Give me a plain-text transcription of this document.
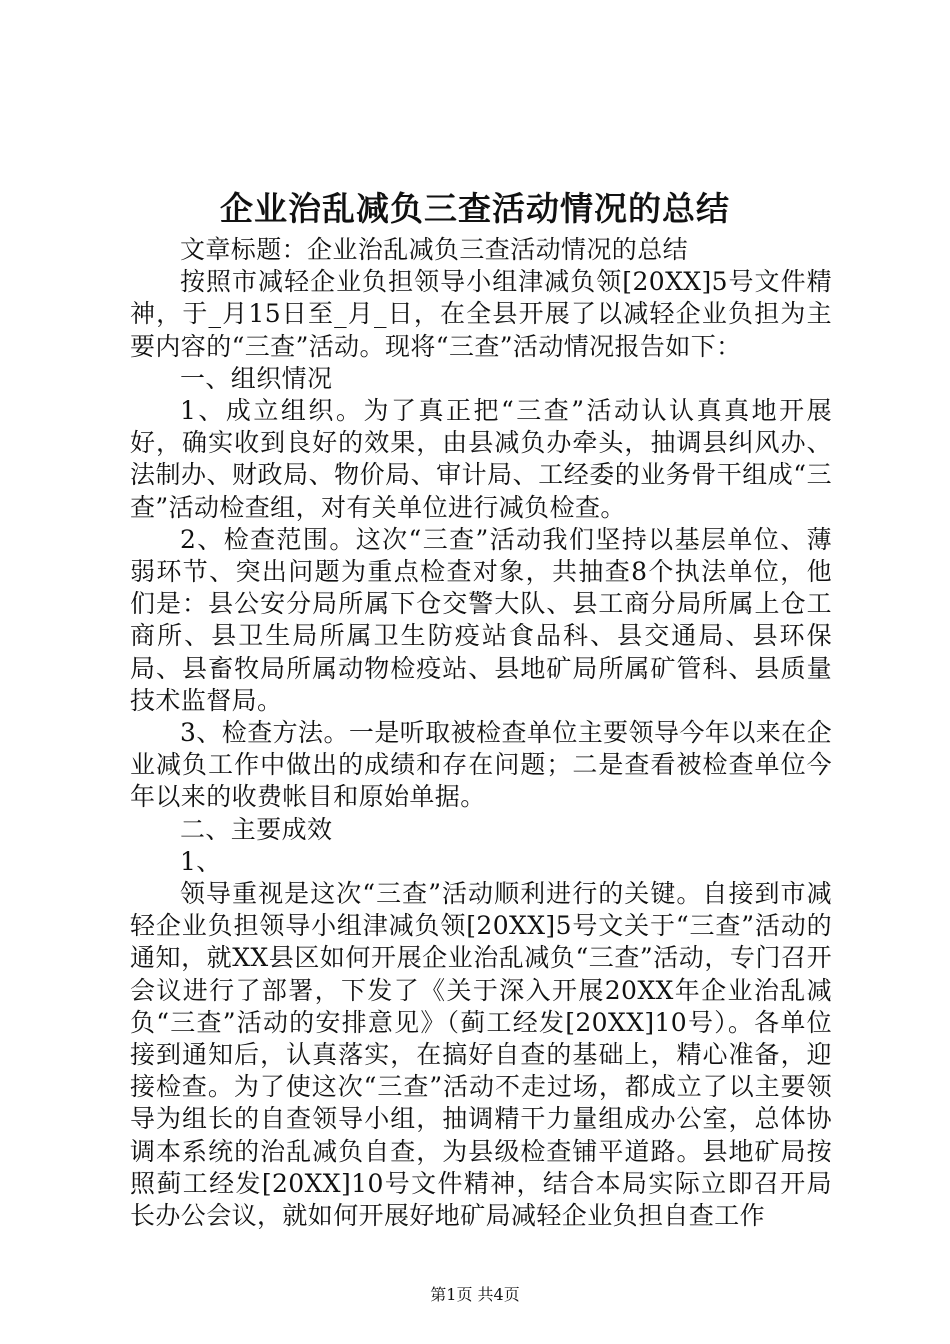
企业治乱减负三查活动情况的总结

文章标题：企业治乱减负三查活动情况的总结

按照市减轻企业负担领导小组津减负领[20XX]5号文件精神，于_月15日至_月_日，在全县开展了以减轻企业负担为主要内容的“三查”活动。现将“三查”活动情况报告如下：

一、组织情况

1、成立组织。为了真正把“三查”活动认认真真地开展好，确实收到良好的效果，由县减负办牵头，抽调县纠风办、法制办、财政局、物价局、审计局、工经委的业务骨干组成“三查”活动检查组，对有关单位进行减负检查。

2、检查范围。这次“三查”活动我们坚持以基层单位、薄弱环节、突出问题为重点检查对象，共抽查8个执法单位，他们是：县公安分局所属下仓交警大队、县工商分局所属上仓工商所、县卫生局所属卫生防疫站食品科、县交通局、县环保局、县畜牧局所属动物检疫站、县地矿局所属矿管科、县质量技术监督局。

3、检查方法。一是听取被检查单位主要领导今年以来在企业减负工作中做出的成绩和存在问题；二是查看被检查单位今年以来的收费帐目和原始单据。

二、主要成效

1、

领导重视是这次“三查”活动顺利进行的关键。自接到市减轻企业负担领导小组津减负领[20XX]5号文关于“三查”活动的通知，就XX县区如何开展企业治乱减负“三查”活动，专门召开会议进行了部署，下发了《关于深入开展20XX年企业治乱减负“三查”活动的安排意见》（蓟工经发[20XX]10号）。各单位接到通知后，认真落实，在搞好自查的基础上，精心准备，迎接检查。为了使这次“三查”活动不走过场，都成立了以主要领导为组长的自查领导小组，抽调精干力量组成办公室，总体协调本系统的治乱减负自查，为县级检查铺平道路。县地矿局按照蓟工经发[20XX]10号文件精神，结合本局实际立即召开局长办公会议，就如何开展好地矿局减轻企业负担自查工作

第1页 共4页
